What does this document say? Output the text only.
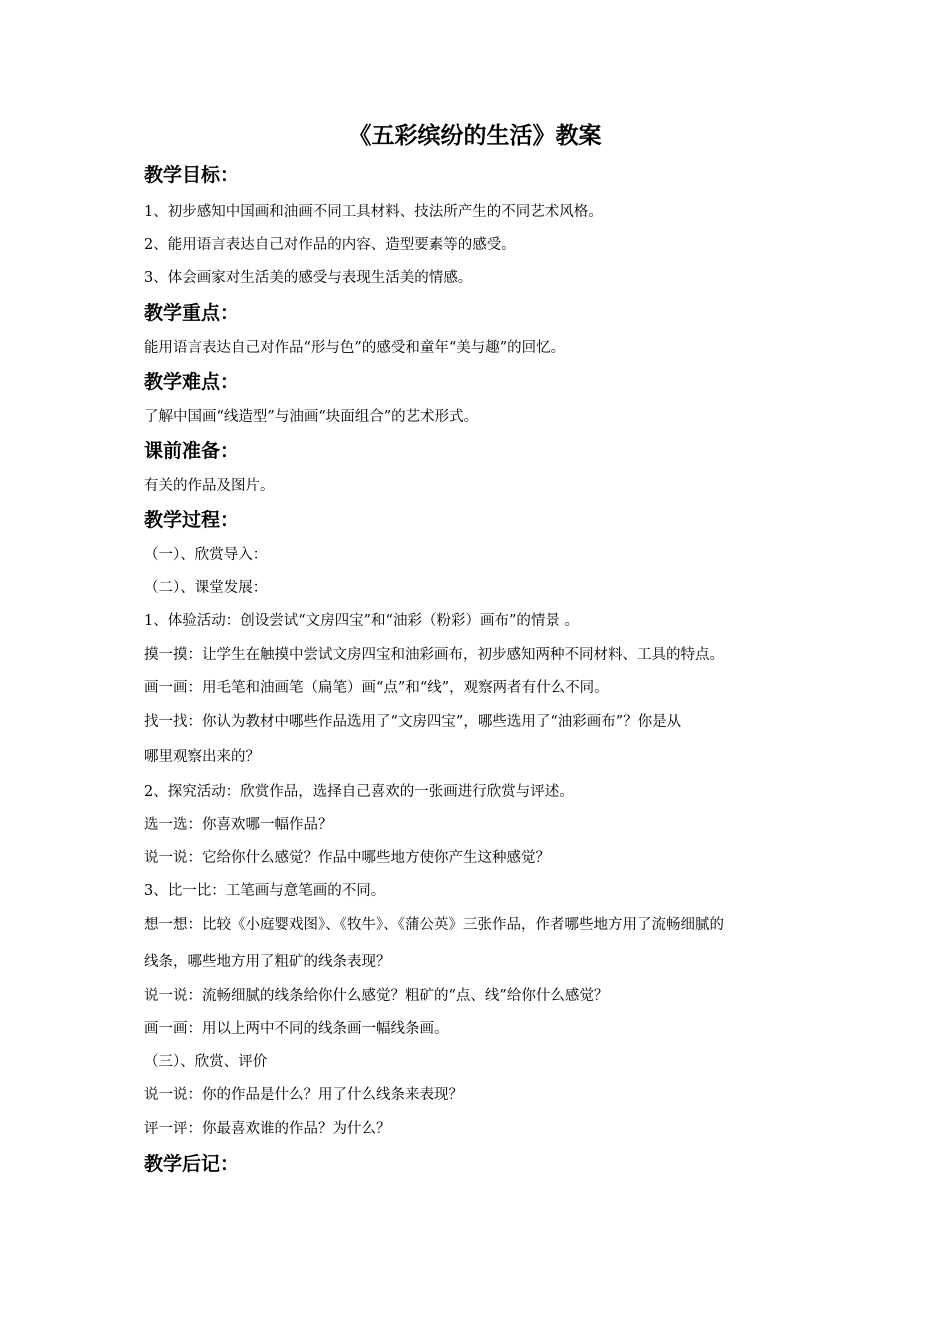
《五彩缤纷的生活》教案
教学目标：

1、初步感知中国画和油画不同工具材料、技法所产生的不同艺术风格。

2、能用语言表达自己对作品的内容、造型要素等的感受。

3、体会画家对生活美的感受与表现生活美的情感。

教学重点：

能用语言表达自己对作品“形与色”的感受和童年“美与趣”的回忆。

教学难点：

了解中国画“线造型”与油画“块面组合”的艺术形式。

课前准备：

有关的作品及图片。

教学过程：

（一）、欣赏导入：

（二）、课堂发展：

1、体验活动：创设尝试“文房四宝”和“油彩（粉彩）画布”的情景 。

摸一摸：让学生在触摸中尝试文房四宝和油彩画布，初步感知两种不同材料、工具的特点。

画一画：用毛笔和油画笔（扁笔）画“点”和“线”，观察两者有什么不同。

找一找：你认为教材中哪些作品选用了“文房四宝”，哪些选用了“油彩画布”？你是从

哪里观察出来的？

2、探究活动：欣赏作品，选择自己喜欢的一张画进行欣赏与评述。

选一选：你喜欢哪一幅作品？

说一说：它给你什么感觉？作品中哪些地方使你产生这种感觉？

3、比一比：工笔画与意笔画的不同。

想一想：比较《小庭婴戏图》、《牧牛》、《蒲公英》三张作品，作者哪些地方用了流畅细腻的

线条，哪些地方用了粗矿的线条表现？

说一说：流畅细腻的线条给你什么感觉？粗矿的“点、线”给你什么感觉？

画一画：用以上两中不同的线条画一幅线条画。

（三）、欣赏、评价

说一说：你的作品是什么？用了什么线条来表现？

评一评：你最喜欢谁的作品？为什么？

教学后记：
